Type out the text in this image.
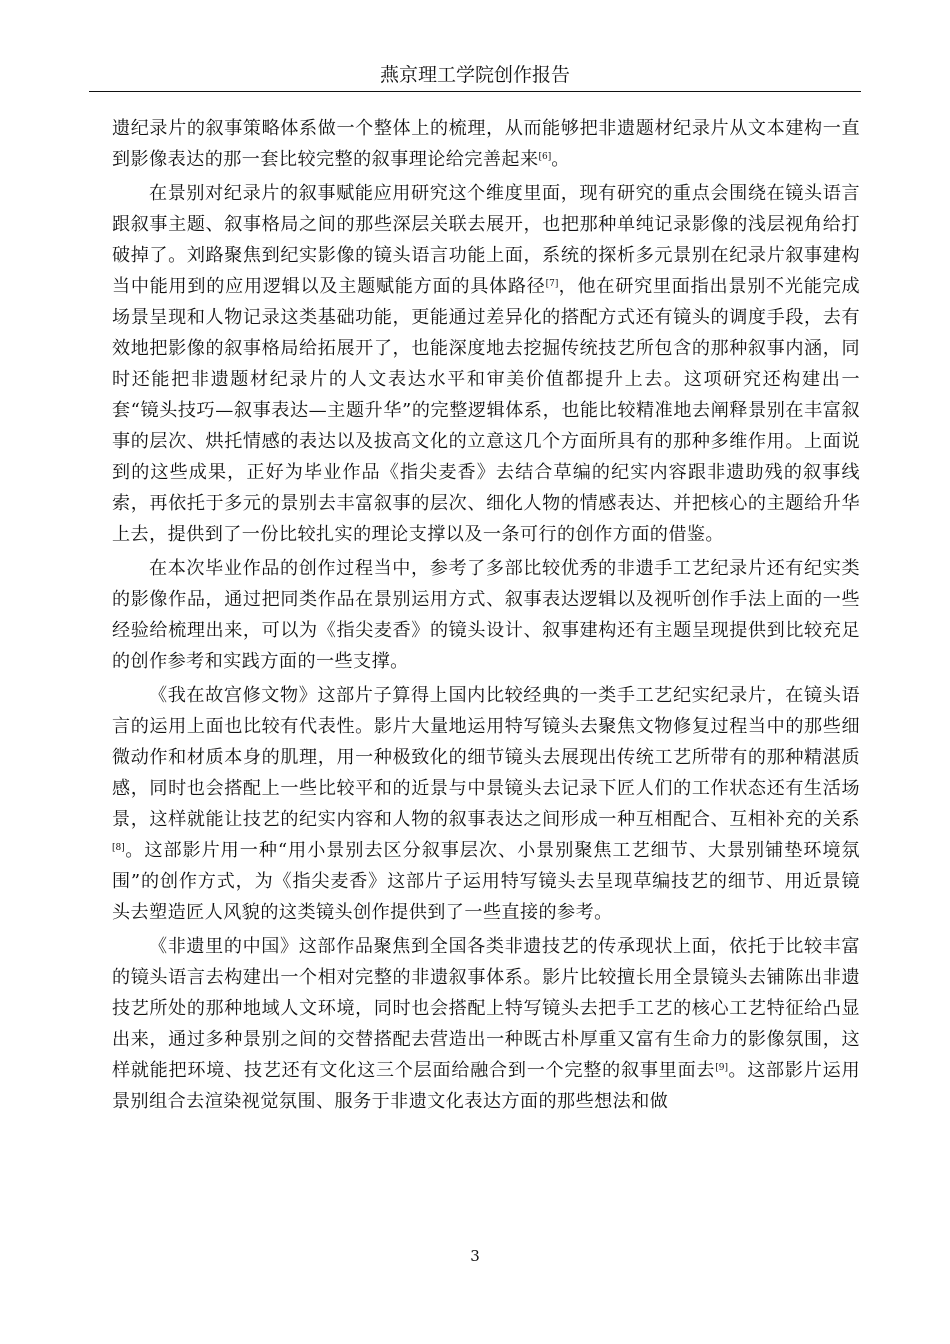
燕京理工学院创作报告

遗纪录片的叙事策略体系做一个整体上的梳理，从而能够把非遗题材纪录片从文本建构一直到影像表达的那一套比较完整的叙事理论给完善起来[6]。

在景别对纪录片的叙事赋能应用研究这个维度里面，现有研究的重点会围绕在镜头语言跟叙事主题、叙事格局之间的那些深层关联去展开，也把那种单纯记录影像的浅层视角给打破掉了。刘路聚焦到纪实影像的镜头语言功能上面，系统的探析多元景别在纪录片叙事建构当中能用到的应用逻辑以及主题赋能方面的具体路径[7]，他在研究里面指出景别不光能完成场景呈现和人物记录这类基础功能，更能通过差异化的搭配方式还有镜头的调度手段，去有效地把影像的叙事格局给拓展开了，也能深度地去挖掘传统技艺所包含的那种叙事内涵，同时还能把非遗题材纪录片的人文表达水平和审美价值都提升上去。这项研究还构建出一套“镜头技巧—叙事表达—主题升华”的完整逻辑体系，也能比较精准地去阐释景别在丰富叙事的层次、烘托情感的表达以及拔高文化的立意这几个方面所具有的那种多维作用。上面说到的这些成果，正好为毕业作品《指尖麦香》去结合草编的纪实内容跟非遗助残的叙事线索，再依托于多元的景别去丰富叙事的层次、细化人物的情感表达、并把核心的主题给升华上去，提供到了一份比较扎实的理论支撑以及一条可行的创作方面的借鉴。

在本次毕业作品的创作过程当中，参考了多部比较优秀的非遗手工艺纪录片还有纪实类的影像作品，通过把同类作品在景别运用方式、叙事表达逻辑以及视听创作手法上面的一些经验给梳理出来，可以为《指尖麦香》的镜头设计、叙事建构还有主题呈现提供到比较充足的创作参考和实践方面的一些支撑。

《我在故宫修文物》这部片子算得上国内比较经典的一类手工艺纪实纪录片，在镜头语言的运用上面也比较有代表性。影片大量地运用特写镜头去聚焦文物修复过程当中的那些细微动作和材质本身的肌理，用一种极致化的细节镜头去展现出传统工艺所带有的那种精湛质感，同时也会搭配上一些比较平和的近景与中景镜头去记录下匠人们的工作状态还有生活场景，这样就能让技艺的纪实内容和人物的叙事表达之间形成一种互相配合、互相补充的关系[8]。这部影片用一种“用小景别去区分叙事层次、小景别聚焦工艺细节、大景别铺垫环境氛围”的创作方式，为《指尖麦香》这部片子运用特写镜头去呈现草编技艺的细节、用近景镜头去塑造匠人风貌的这类镜头创作提供到了一些直接的参考。

《非遗里的中国》这部作品聚焦到全国各类非遗技艺的传承现状上面，依托于比较丰富的镜头语言去构建出一个相对完整的非遗叙事体系。影片比较擅长用全景镜头去铺陈出非遗技艺所处的那种地域人文环境，同时也会搭配上特写镜头去把手工艺的核心工艺特征给凸显出来，通过多种景别之间的交替搭配去营造出一种既古朴厚重又富有生命力的影像氛围，这样就能把环境、技艺还有文化这三个层面给融合到一个完整的叙事里面去[9]。这部影片运用景别组合去渲染视觉氛围、服务于非遗文化表达方面的那些想法和做

3
